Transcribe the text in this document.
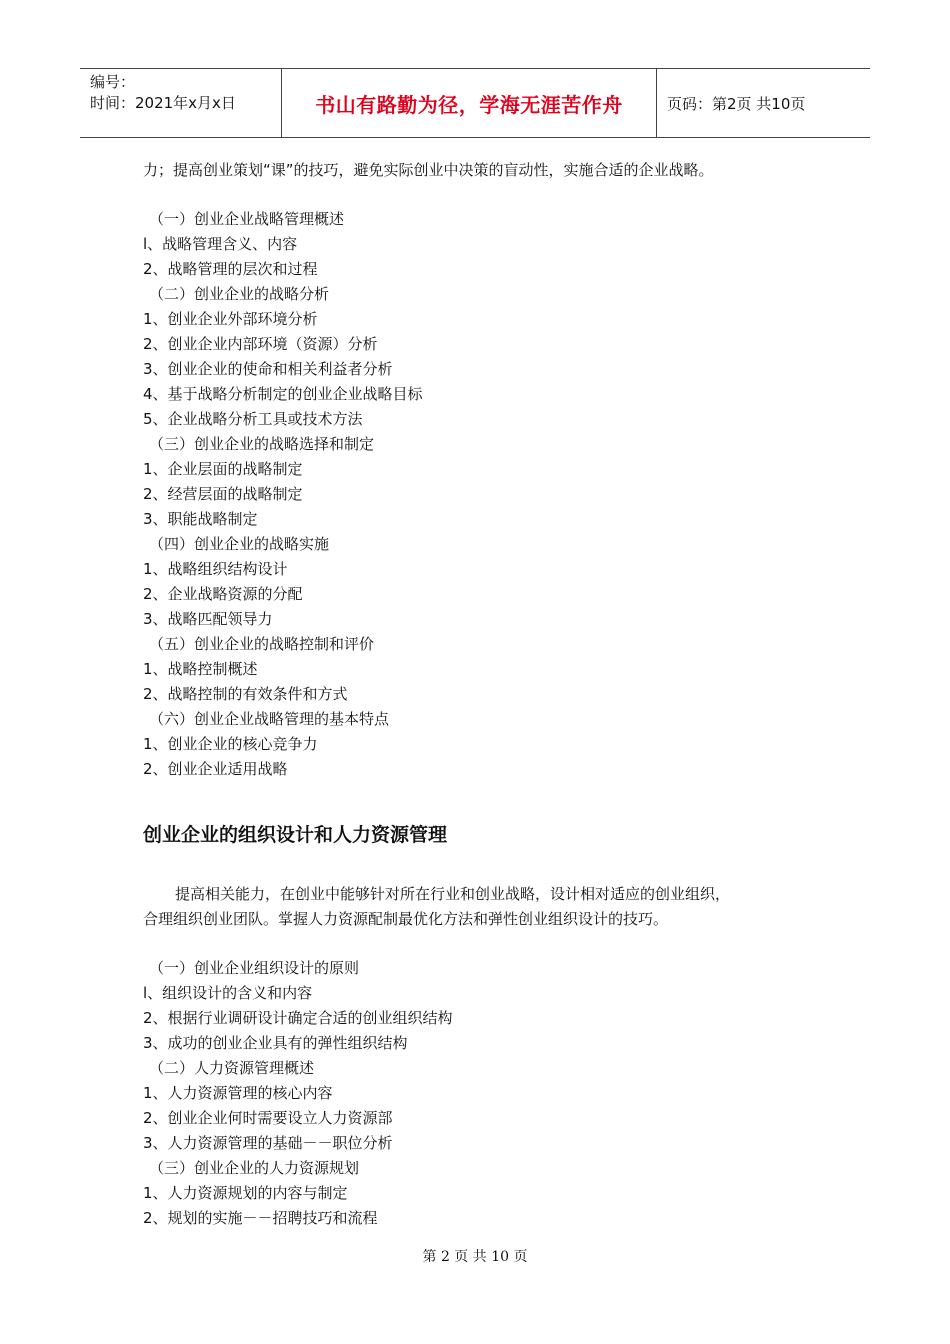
编号：
时间：2021年x月x日	书山有路勤为径，学海无涯苦作舟	页码：第2页 共10页
力；提高创业策划“课”的技巧，避免实际创业中决策的盲动性，实施合适的企业战略。
（一）创业企业战略管理概述
l、战略管理含义、内容
2、战略管理的层次和过程
（二）创业企业的战略分析
1、创业企业外部环境分析
2、创业企业内部环境（资源）分析
3、创业企业的使命和相关利益者分析
4、基于战略分析制定的创业企业战略目标
5、企业战略分析工具或技术方法
（三）创业企业的战略选择和制定
1、企业层面的战略制定
2、经营层面的战略制定
3、职能战略制定
（四）创业企业的战略实施
1、战略组织结构设计
2、企业战略资源的分配
3、战略匹配领导力
（五）创业企业的战略控制和评价
1、战略控制概述
2、战略控制的有效条件和方式
（六）创业企业战略管理的基本特点
1、创业企业的核心竞争力
2、创业企业适用战略
创业企业的组织设计和人力资源管理
提高相关能力，在创业中能够针对所在行业和创业战略，设计相对适应的创业组织，
合理组织创业团队。掌握人力资源配制最优化方法和弹性创业组织设计的技巧。
（一）创业企业组织设计的原则
l、组织设计的含义和内容
2、根据行业调研设计确定合适的创业组织结构
3、成功的创业企业具有的弹性组织结构
（二）人力资源管理概述
1、人力资源管理的核心内容
2、创业企业何时需要设立人力资源部
3、人力资源管理的基础－－职位分析
（三）创业企业的人力资源规划
1、人力资源规划的内容与制定
2、规划的实施－－招聘技巧和流程
第 2 页 共 10 页
